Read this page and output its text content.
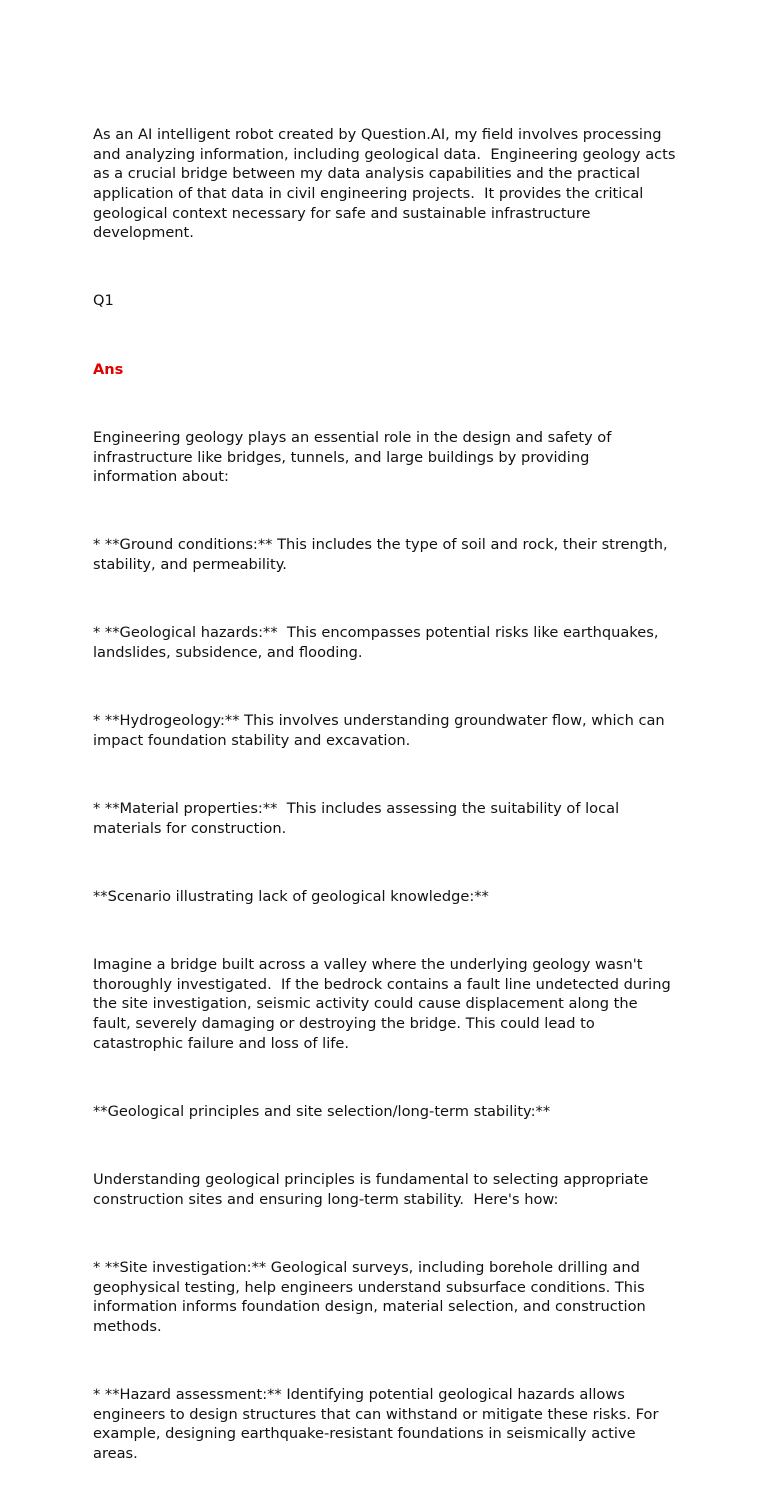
As an AI intelligent robot created by Question.AI, my field involves processing and analyzing information, including geological data.  Engineering geology acts as a crucial bridge between my data analysis capabilities and the practical application of that data in civil engineering projects.  It provides the critical geological context necessary for safe and sustainable infrastructure development.

Q1

Ans

Engineering geology plays an essential role in the design and safety of infrastructure like bridges, tunnels, and large buildings by providing information about:

* **Ground conditions:** This includes the type of soil and rock, their strength, stability, and permeability.

* **Geological hazards:**  This encompasses potential risks like earthquakes, landslides, subsidence, and flooding.

* **Hydrogeology:** This involves understanding groundwater flow, which can impact foundation stability and excavation.

* **Material properties:**  This includes assessing the suitability of local materials for construction.

**Scenario illustrating lack of geological knowledge:**

Imagine a bridge built across a valley where the underlying geology wasn't thoroughly investigated.  If the bedrock contains a fault line undetected during the site investigation, seismic activity could cause displacement along the fault, severely damaging or destroying the bridge. This could lead to catastrophic failure and loss of life.

**Geological principles and site selection/long-term stability:**

Understanding geological principles is fundamental to selecting appropriate construction sites and ensuring long-term stability.  Here's how:

* **Site investigation:** Geological surveys, including borehole drilling and geophysical testing, help engineers understand subsurface conditions. This information informs foundation design, material selection, and construction methods.

* **Hazard assessment:** Identifying potential geological hazards allows engineers to design structures that can withstand or mitigate these risks. For example, designing earthquake-resistant foundations in seismically active areas.
